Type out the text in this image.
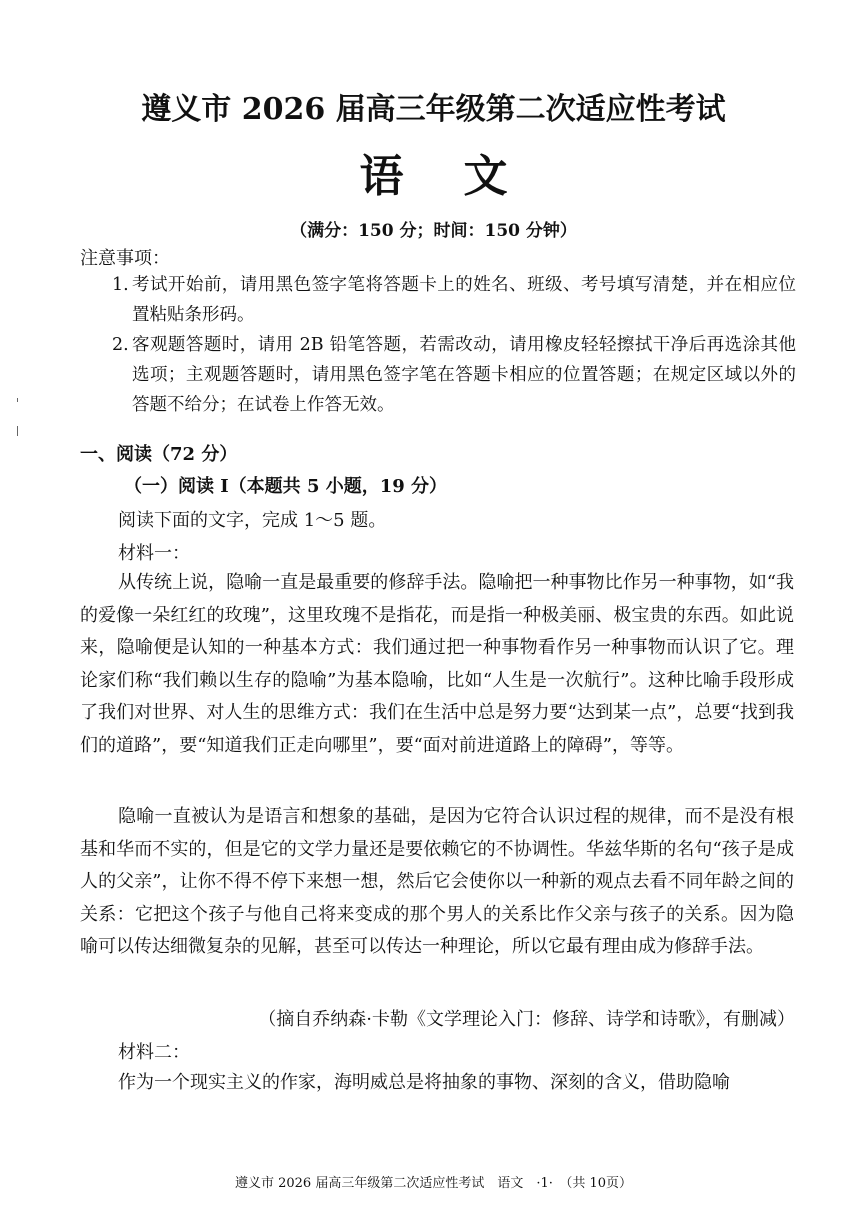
遵义市 2026 届高三年级第二次适应性考试
语文
（满分：150 分；时间：150 分钟）
注意事项：
1. 考试开始前，请用黑色签字笔将答题卡上的姓名、班级、考号填写清楚，并在相应位置粘贴条形码。
2. 客观题答题时，请用 2B 铅笔答题，若需改动，请用橡皮轻轻擦拭干净后再选涂其他选项；主观题答题时，请用黑色签字笔在答题卡相应的位置答题；在规定区域以外的答题不给分；在试卷上作答无效。
一、阅读（72 分）
（一）阅读 I（本题共 5 小题，19 分）
阅读下面的文字，完成 1～5 题。
材料一：
从传统上说，隐喻一直是最重要的修辞手法。隐喻把一种事物比作另一种事物，如“我的爱像一朵红红的玫瑰”，这里玫瑰不是指花，而是指一种极美丽、极宝贵的东西。如此说来，隐喻便是认知的一种基本方式：我们通过把一种事物看作另一种事物而认识了它。理论家们称“我们赖以生存的隐喻”为基本隐喻，比如“人生是一次航行”。这种比喻手段形成了我们对世界、对人生的思维方式：我们在生活中总是努力要“达到某一点”，总要“找到我们的道路”，要“知道我们正走向哪里”，要“面对前进道路上的障碍”，等等。
隐喻一直被认为是语言和想象的基础，是因为它符合认识过程的规律，而不是没有根基和华而不实的，但是它的文学力量还是要依赖它的不协调性。华兹华斯的名句“孩子是成人的父亲”，让你不得不停下来想一想，然后它会使你以一种新的观点去看不同年龄之间的关系：它把这个孩子与他自己将来变成的那个男人的关系比作父亲与孩子的关系。因为隐喻可以传达细微复杂的见解，甚至可以传达一种理论，所以它最有理由成为修辞手法。
（摘自乔纳森·卡勒《文学理论入门：修辞、诗学和诗歌》，有删减）
材料二：
作为一个现实主义的作家，海明威总是将抽象的事物、深刻的含义，借助隐喻
遵义市 2026 届高三年级第二次适应性考试　语文　·1·　（共 10页）
